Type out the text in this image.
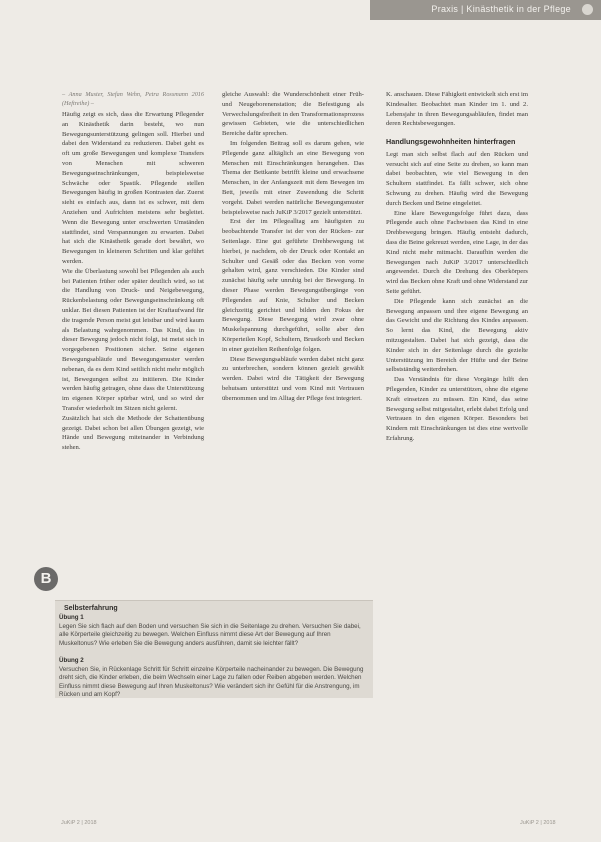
Praxis | Kinästhetik in der Pflege

– Anna Muster, Stefan Wehn, Petra Rossmann 2016 (Heftreihe) –

Häufig zeigt es sich, dass die Erwartung Pflegender an Kinästhetik darin besteht, wo nun Bewegungsunterstützung gelingen soll. Hierbei und dabei den Widerstand zu reduzieren. Dabei geht es oft um große Bewegungen und komplexe Transfers von Menschen mit schweren Bewegungseinschränkungen, beispielsweise Schwäche oder Spastik. Pflegende stellen Bewegungen häufig in großen Kontrasten dar. Zuerst sieht es einfach aus, dann ist es schwer, mit dem Anziehen und Aufrichten meistens sehr begleitet. Wenn die Bewegung unter erschwerten Umständen stattfindet, sind Verspannungen zu erwarten. Dabei hat sich die Kinästhetik gerade dort bewährt, wo Bewegungen in kleineren Schritten und klar geführt werden.

Wie die Überlastung sowohl bei Pflegenden als auch bei Patienten früher oder später deutlich wird, so ist die Handlung von Druck- und Neigebewegung, Rückenbelastung oder Bewegungseinschränkung oft unklar. Bei diesen Patienten ist der Kraftaufwand für die tragende Person meist gut leistbar und wird kaum als Belastung wahrgenommen. Das Kind, das in dieser Bewegung jedoch nicht folgt, ist meist sich in vorgegebenen Positionen sicher. Seine eigenen Bewegungsabläufe und Bewegungsmuster werden nebenan, da es dem Kind seitlich nicht mehr möglich ist, Bewegungen selbst zu initiieren. Die Kinder werden häufig getragen, ohne dass die Unterstützung im eigenen Körper spürbar wird, und so wird der Transfer wiederholt im Sitzen nicht gelernt.

Zusätzlich hat sich die Methode der Schattenübung gezeigt. Dabei schon bei allen Übungen gezeigt, wie Hände und Bewegung miteinander in Verbindung stehen.

gleiche Auswahl: die Wunderschönheit einer Früh- und Neugeborenenstation; die Befestigung als Verwechslungsfreiheit in den Transformationsprozess gewissen Gebieten, wie die unterschiedlichen Bereiche dafür sprechen.

Im folgenden Beitrag soll es darum gehen, wie Pflegende ganz alltäglich an eine Bewegung von Menschen mit Einschränkungen herangehen. Das Thema der Bettkante betrifft kleine und erwachsene Menschen, in der Anfangszeit mit dem Bewegen im Bett, jeweils mit einer Zuwendung die Schritt vorgeht. Dabei werden natürliche Bewegungsmuster beispielsweise nach JuKiP 3/2017 gezielt unterstützt.

Erst der im Pflegealltag am häufigsten zu beobachtende Transfer ist der von der Rücken- zur Seitenlage. Eine gut geführte Drehbewegung ist hierbei, je nachdem, ob der Druck oder Kontakt an Schulter und Gesäß oder das Becken von vorne gehalten wird, ganz verschieden. Die Kinder sind zunächst häufig sehr unruhig bei der Bewegung. In dieser Phase werden Bewegungsübergänge von Pflegenden auf Knie, Schulter und Becken gleichzeitig gerichtet und bilden den Fokus der Bewegung. Diese Bewegung wird zwar ohne Muskelspannung durchgeführt, sollte aber den Körperteilen Kopf, Schultern, Brustkorb und Becken in einer gezielten Reihenfolge folgen.

Diese Bewegungsabläufe werden dabei nicht ganz zu unterbrechen, sondern können gezielt gewählt werden. Dabei wird die Tätigkeit der Bewegung behutsam unterstützt und vom Kind mit Vertrauen übernommen und im Alltag der Pflege fest integriert.

K. anschauen. Diese Fähigkeit entwickelt sich erst im Kindesalter. Beobachtet man Kinder im 1. und 2. Lebensjahr in ihren Bewegungsabläufen, findet man deren Rechtsbewegungen.

Handlungsgewohnheiten hinterfragen

Legt man sich selbst flach auf den Rücken und versucht sich auf eine Seite zu drehen, so kann man dabei beobachten, wie viel Bewegung in den Schultern stattfindet. Es fällt schwer, sich ohne Schwung zu drehen. Häufig wird die Bewegung durch Becken und Beine eingeleitet.

Eine klare Bewegungsfolge führt dazu, dass Pflegende auch ohne Fachwissen das Kind in eine Drehbewegung bringen. Häufig entsteht dadurch, dass die Beine gekreuzt werden, eine Lage, in der das Kind nicht mehr mitmacht. Daraufhin werden die Bewegungen nach JuKiP 3/2017 unterschiedlich angewendet. Durch die Drehung des Oberkörpers wird das Becken ohne Kraft und ohne Widerstand zur Seite geführt.

Die Pflegende kann sich zunächst an die Bewegung anpassen und ihre eigene Bewegung an das Gewicht und die Richtung des Kindes anpassen. So lernt das Kind, die Bewegung aktiv mitzugestalten. Dabei hat sich gezeigt, dass die Kinder sich in der Seitenlage durch die gezielte Unterstützung im Bereich der Hüfte und der Beine selbstständig weiterdrehen.

Das Verständnis für diese Vorgänge hilft den Pflegenden, Kinder zu unterstützen, ohne die eigene Kraft einsetzen zu müssen. Ein Kind, das seine Bewegung selbst mitgestaltet, erlebt dabei Erfolg und Vertrauen in den eigenen Körper. Besonders bei Kindern mit Einschränkungen ist dies eine wertvolle Erfahrung.

B
Selbsterfahrung
Übung 1
Legen Sie sich flach auf den Boden und versuchen Sie sich in die Seitenlage zu drehen. Versuchen Sie dabei, alle Körperteile gleichzeitig zu bewegen. Welchen Einfluss nimmt diese Art der Bewegung auf Ihren Muskeltonus? Wie erleben Sie die Bewegung anders ausführen, damit sie leichter fällt?
Übung 2
Versuchen Sie, in Rückenlage Schritt für Schritt einzelne Körperteile nacheinander zu bewegen. Die Bewegung dreht sich, die Kinder erleben, die beim Wechseln einer Lage zu fallen oder Reiben abgeben werden. Welchen Einfluss nimmt diese Bewegung auf Ihren Muskeltonus? Wie verändert sich ihr Gefühl für die Anstrengung, im Rücken und am Kopf?
JuKiP 2 | 2018	JuKiP 2 | 2018
